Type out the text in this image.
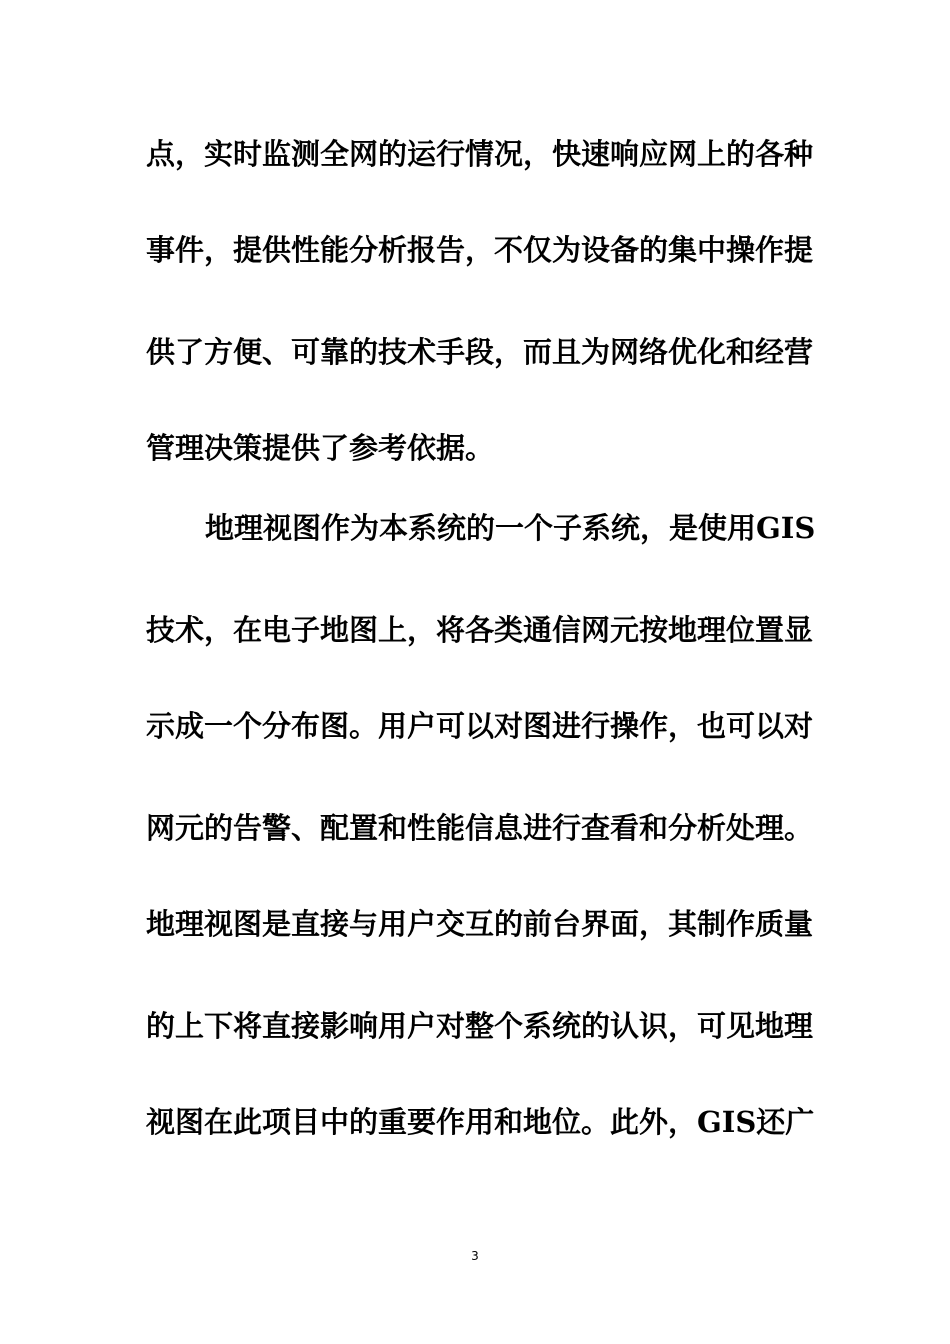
点，实时监测全网的运行情况，快速响应网上的各种
事件，提供性能分析报告，不仅为设备的集中操作提
供了方便、可靠的技术手段，而且为网络优化和经营
管理决策提供了参考依据。
地理视图作为本系统的一个子系统，是使用GIS
技术，在电子地图上，将各类通信网元按地理位置显
示成一个分布图。用户可以对图进行操作，也可以对
网元的告警、配置和性能信息进行查看和分析处理。
地理视图是直接与用户交互的前台界面，其制作质量
的上下将直接影响用户对整个系统的认识，可见地理
视图在此项目中的重要作用和地位。此外，GIS还广
3
